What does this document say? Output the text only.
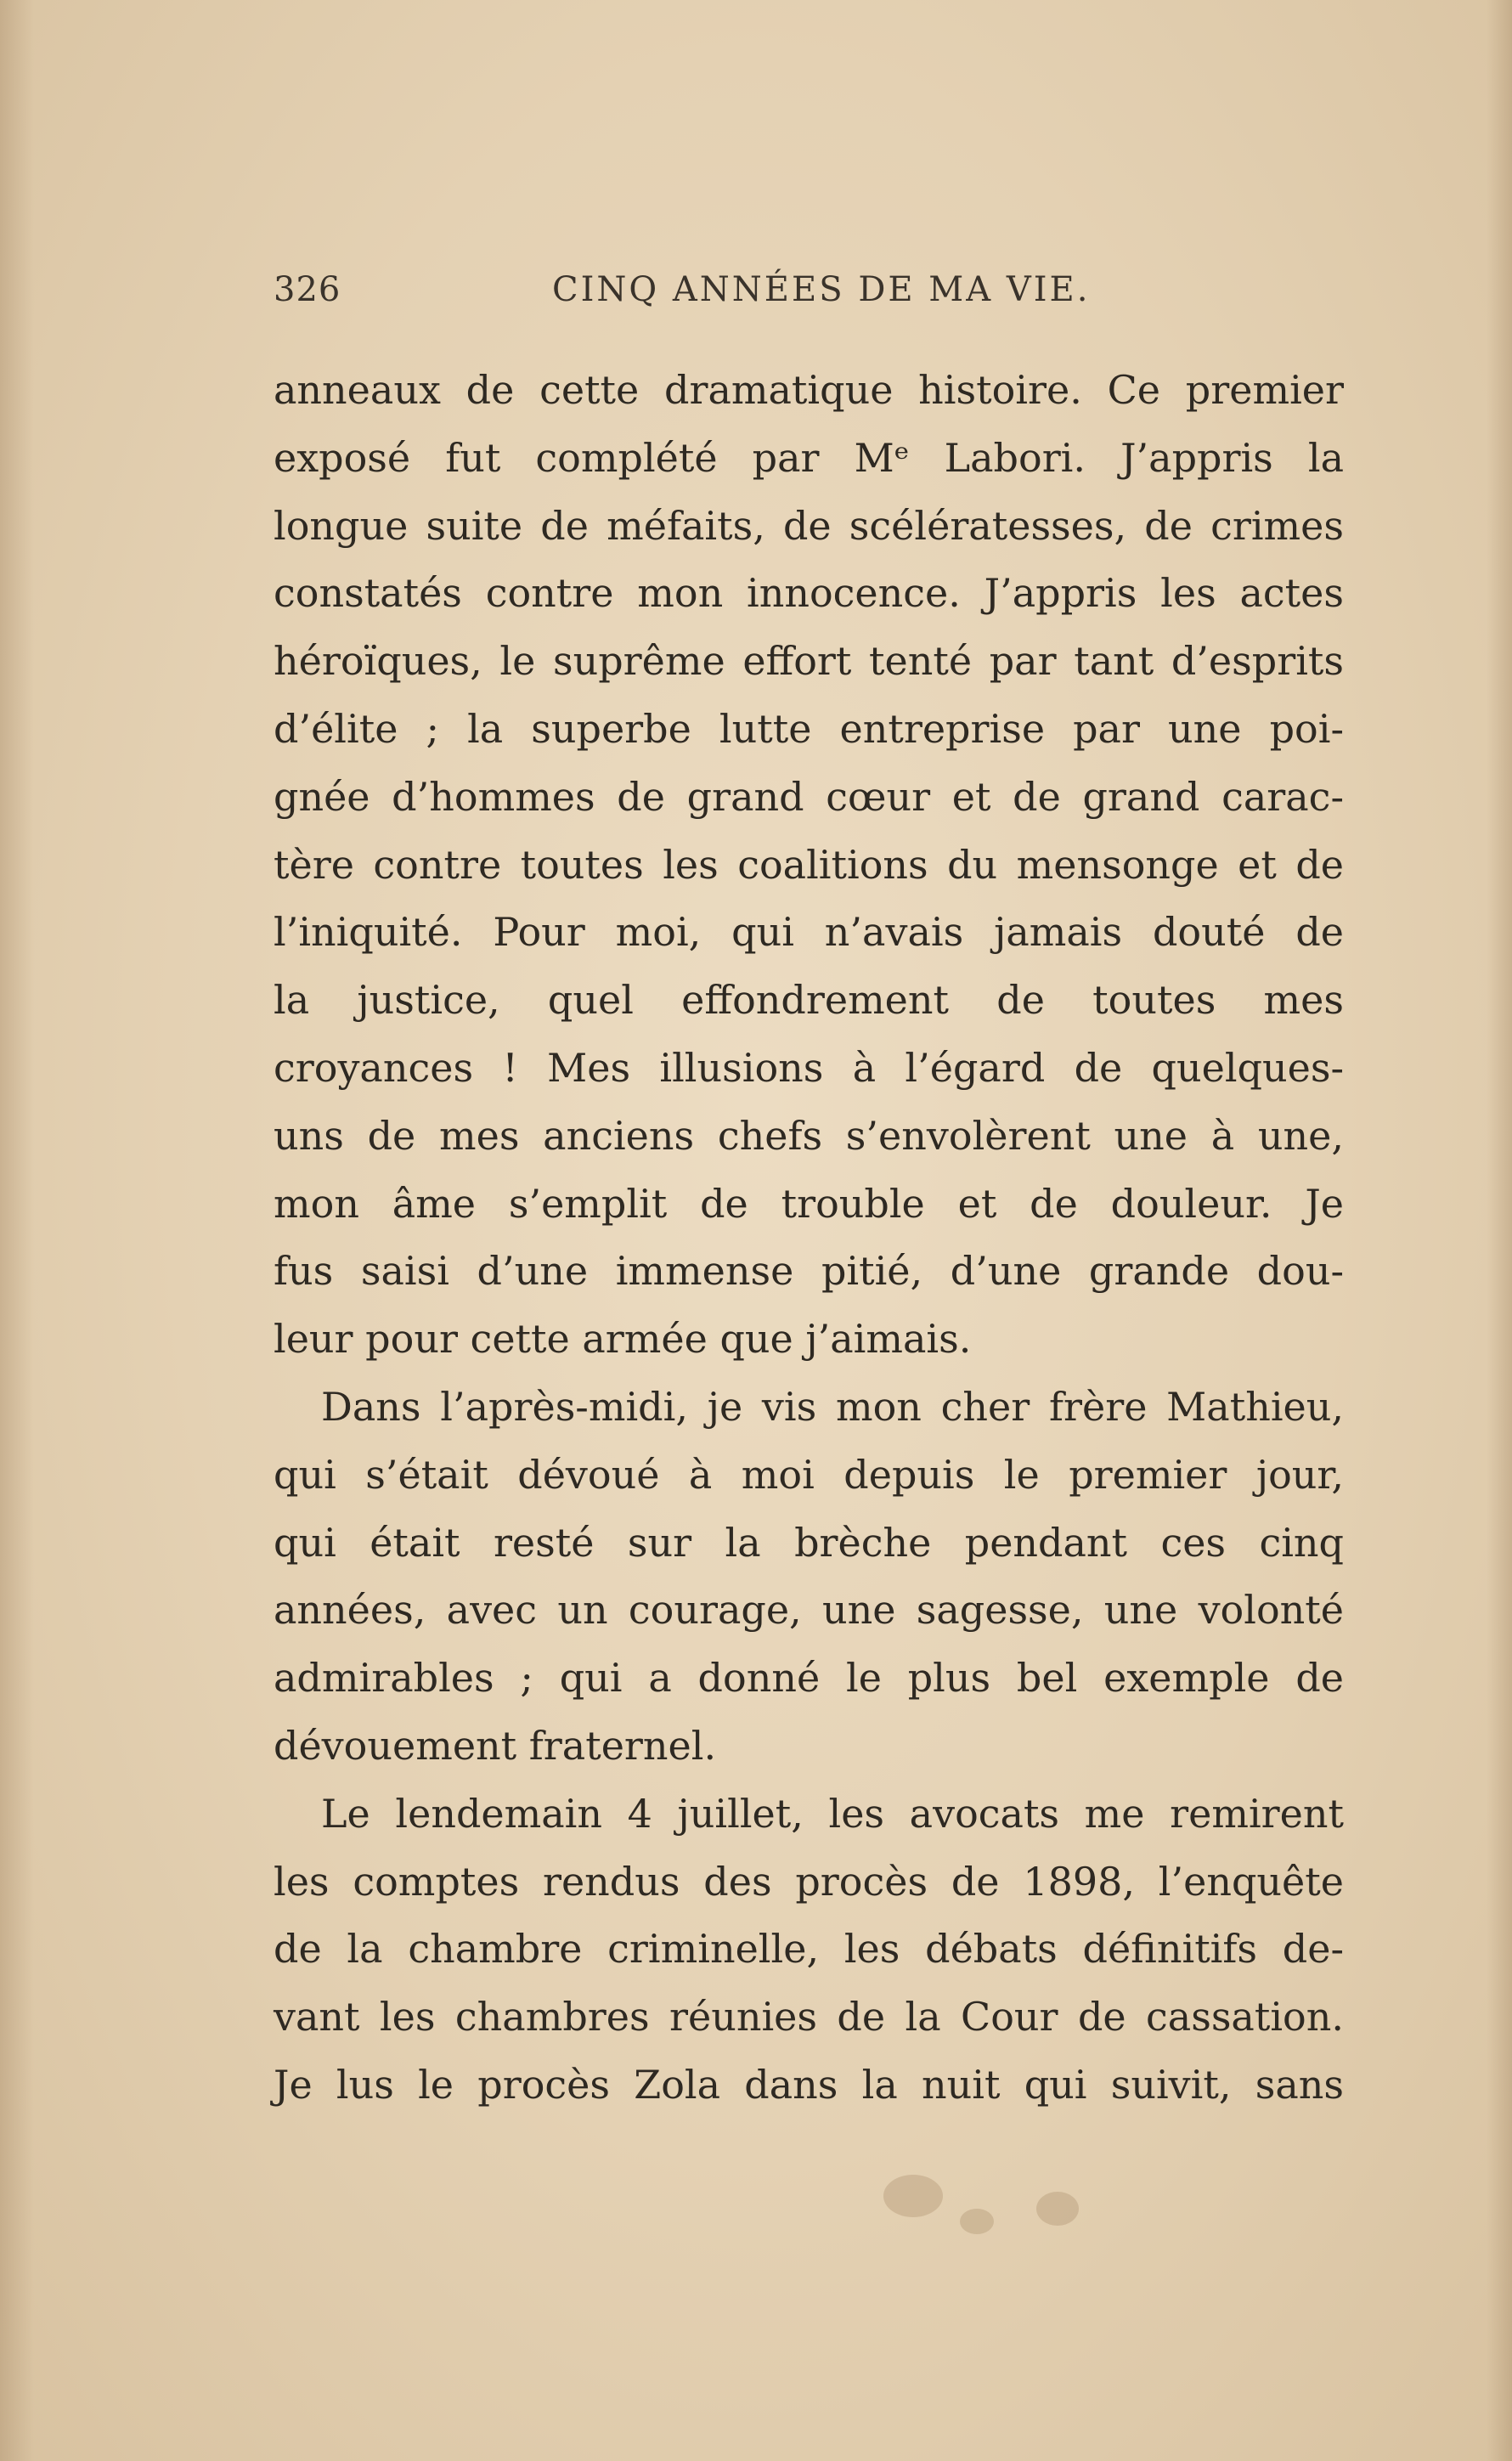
326	CINQ ANNÉES DE MA VIE.
anneaux de cette dramatique histoire. Ce premier
exposé fut complété par Mᵉ Labori. J’appris la
longue suite de méfaits, de scélératesses, de crimes
constatés contre mon innocence. J’appris les actes
héroïques, le suprême effort tenté par tant d’esprits
d’élite ; la superbe lutte entreprise par une poi-
gnée d’hommes de grand cœur et de grand carac-
tère contre toutes les coalitions du mensonge et de
l’iniquité. Pour moi, qui n’avais jamais douté de
la justice, quel effondrement de toutes mes
croyances ! Mes illusions à l’égard de quelques-
uns de mes anciens chefs s’envolèrent une à une,
mon âme s’emplit de trouble et de douleur. Je
fus saisi d’une immense pitié, d’une grande dou-
leur pour cette armée que j’aimais.
Dans l’après-midi, je vis mon cher frère Mathieu,
qui s’était dévoué à moi depuis le premier jour,
qui était resté sur la brèche pendant ces cinq
années, avec un courage, une sagesse, une volonté
admirables ; qui a donné le plus bel exemple de
dévouement fraternel.
Le lendemain 4 juillet, les avocats me remirent
les comptes rendus des procès de 1898, l’enquête
de la chambre criminelle, les débats définitifs de-
vant les chambres réunies de la Cour de cassation.
Je lus le procès Zola dans la nuit qui suivit, sans
